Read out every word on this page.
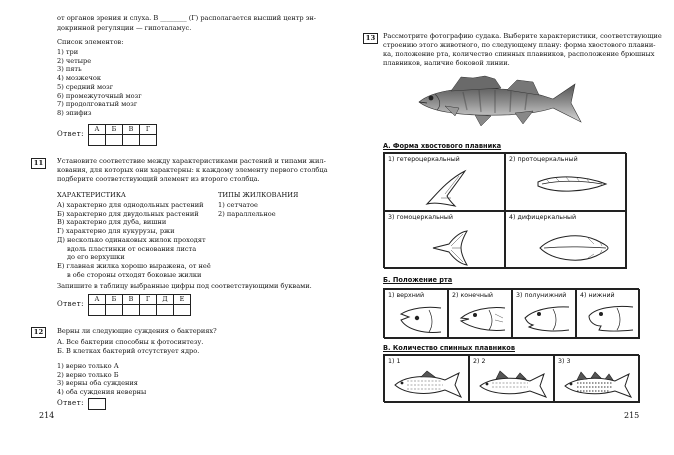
от органов зрения и слуха. В ________ (Г) располагается высший центр эн-
докринной регуляции — гипоталамус.
Список элементов:
1) три
2) четыре
3) пять
4) мозжечок
5) средний мозг
6) промежуточный мозг
7) продолговатый мозг
8) эпифиз
Ответ:
А	Б	В	Г

11	Установите соответствие между характеристиками растений и типами жил-
кования, для которых они характерны: к каждому элементу первого столбца
подберите соответствующий элемент из второго столбца.
ХАРАКТЕРИСТИКА	ТИПЫ ЖИЛКОВАНИЯ
А) характерно для однодольных растений
Б) характерно для двудольных растений
В) характерно для дуба, вишни
Г) характерно для кукурузы, ржи
Д) несколько одинаковых жилок проходят
вдоль пластинки от основания листа
до его верхушки
Е) главная жилка хорошо выражена, от неё
в обе стороны отходят боковые жилки
1) сетчатое
2) параллельное
Запишите в таблицу выбранные цифры под соответствующими буквами.
Ответ:
А	Б	В	Г	Д	Е

12	Верны ли следующие суждения о бактериях?
А. Все бактерии способны к фотосинтезу.
Б. В клетках бактерий отсутствует ядро.
1) верно только А
2) верно только Б
3) верны оба суждения
4) оба суждения неверны
Ответ:
214
13	Рассмотрите фотографию судака. Выберите характеристики, соответствующие
строению этого животного, по следующему плану: форма хвостового плавни-
ка, положение рта, количество спинных плавников, расположение брюшных
плавников, наличие боковой линии.
А. Форма хвостового плавника
1) гетероцеркальный	2) протоцеркальный
3) гомоцеркальный	4) дифицеркальный
Б. Положение рта
1) верхний	2) конечный	3) полунижний 4) нижний
В. Количество спинных плавников
1) 1	2) 2	3) 3
215
